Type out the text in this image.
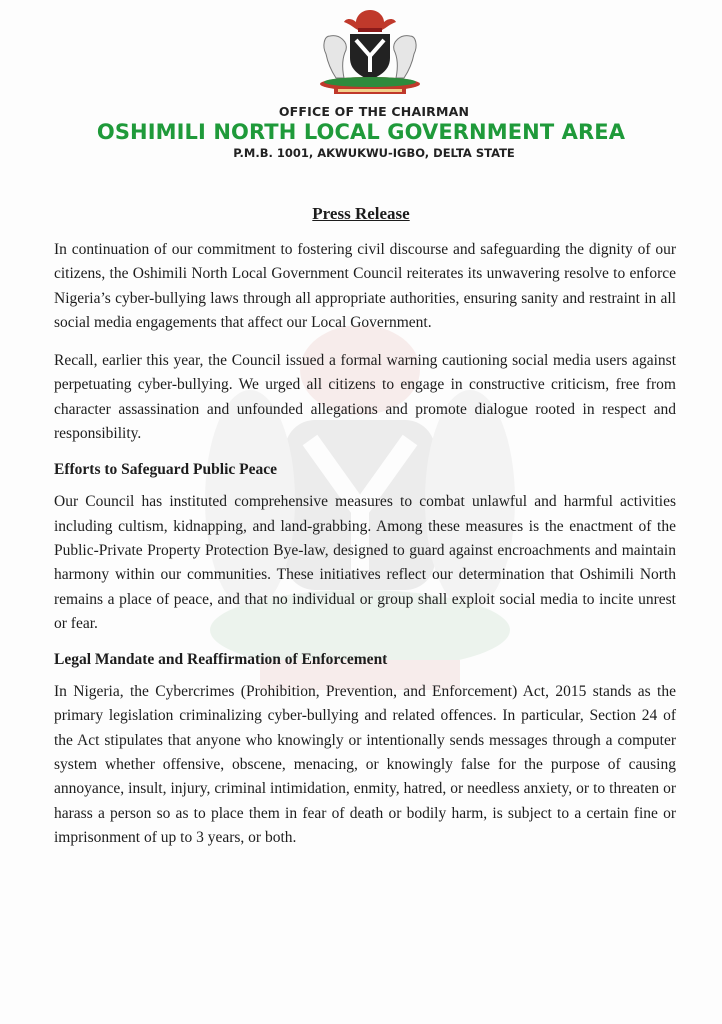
OFFICE OF THE CHAIRMAN
OSHIMILI NORTH LOCAL GOVERNMENT AREA
P.M.B. 1001, AKWUKWU-IGBO, DELTA STATE
Press Release

In continuation of our commitment to fostering civil discourse and safeguarding the dignity of our citizens, the Oshimili North Local Government Council reiterates its unwavering resolve to enforce Nigeria’s cyber-bullying laws through all appropriate authorities, ensuring sanity and restraint in all social media engagements that affect our Local Government.

Recall, earlier this year, the Council issued a formal warning cautioning social media users against perpetuating cyber-bullying. We urged all citizens to engage in constructive criticism, free from character assassination and unfounded allegations and promote dialogue rooted in respect and responsibility.

Efforts to Safeguard Public Peace

Our Council has instituted comprehensive measures to combat unlawful and harmful activities including cultism, kidnapping, and land-grabbing. Among these measures is the enactment of the Public-Private Property Protection Bye-law, designed to guard against encroachments and maintain harmony within our communities. These initiatives reflect our determination that Oshimili North remains a place of peace, and that no individual or group shall exploit social media to incite unrest or fear.

Legal Mandate and Reaffirmation of Enforcement

In Nigeria, the Cybercrimes (Prohibition, Prevention, and Enforcement) Act, 2015 stands as the primary legislation criminalizing cyber-bullying and related offences. In particular, Section 24 of the Act stipulates that anyone who knowingly or intentionally sends messages through a computer system whether offensive, obscene, menacing, or knowingly false for the purpose of causing annoyance, insult, injury, criminal intimidation, enmity, hatred, or needless anxiety, or to threaten or harass a person so as to place them in fear of death or bodily harm, is subject to a certain fine or imprisonment of up to 3 years, or both.
